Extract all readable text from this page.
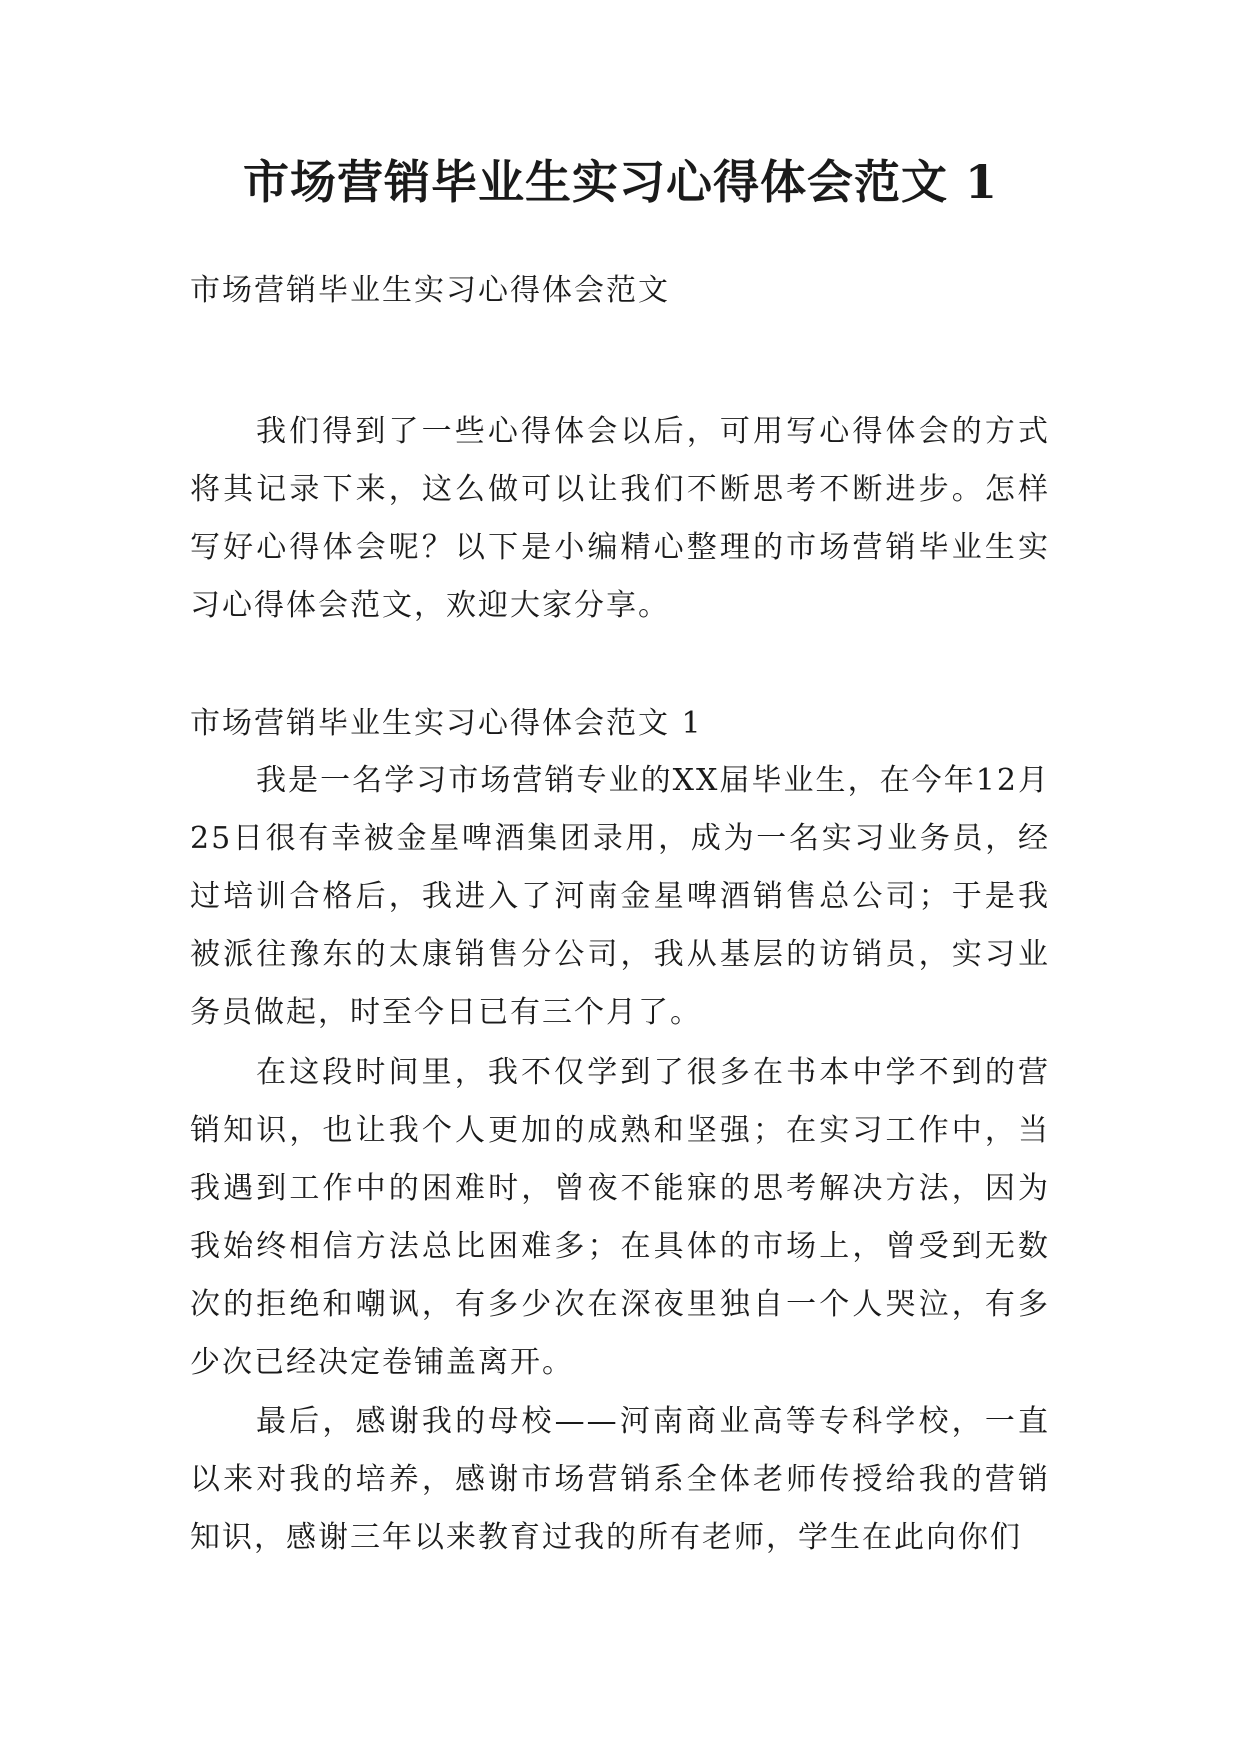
市场营销毕业生实习心得体会范文 1

市场营销毕业生实习心得体会范文

我们得到了一些心得体会以后，可用写心得体会的方式将其记录下来，这么做可以让我们不断思考不断进步。怎样写好心得体会呢？以下是小编精心整理的市场营销毕业生实习心得体会范文，欢迎大家分享。

市场营销毕业生实习心得体会范文 1

我是一名学习市场营销专业的XX届毕业生，在今年12月25日很有幸被金星啤酒集团录用，成为一名实习业务员，经过培训合格后，我进入了河南金星啤酒销售总公司；于是我被派往豫东的太康销售分公司，我从基层的访销员，实习业务员做起，时至今日已有三个月了。

在这段时间里，我不仅学到了很多在书本中学不到的营销知识，也让我个人更加的成熟和坚强；在实习工作中，当我遇到工作中的困难时，曾夜不能寐的思考解决方法，因为我始终相信方法总比困难多；在具体的市场上，曾受到无数次的拒绝和嘲讽，有多少次在深夜里独自一个人哭泣，有多少次已经决定卷铺盖离开。

最后，感谢我的母校——河南商业高等专科学校，一直以来对我的培养，感谢市场营销系全体老师传授给我的营销知识，感谢三年以来教育过我的所有老师，学生在此向你们
